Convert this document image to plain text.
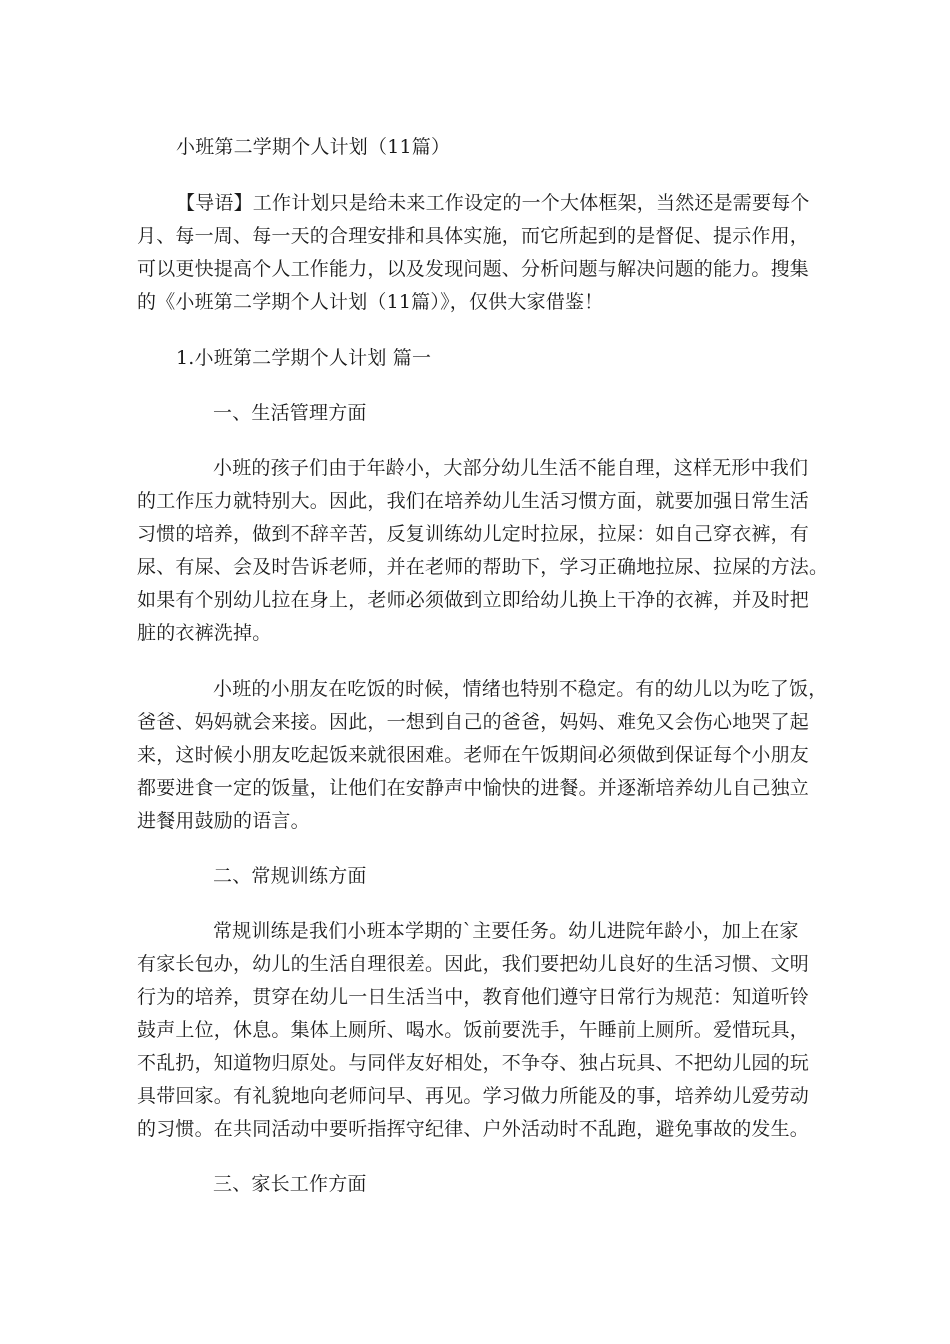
小班第二学期个人计划（11篇）
【导语】工作计划只是给未来工作设定的一个大体框架，当然还是需要每个
月、每一周、每一天的合理安排和具体实施，而它所起到的是督促、提示作用，
可以更快提高个人工作能力，以及发现问题、分析问题与解决问题的能力。搜集
的《小班第二学期个人计划（11篇）》，仅供大家借鉴！
1.小班第二学期个人计划 篇一
一、生活管理方面
小班的孩子们由于年龄小，大部分幼儿生活不能自理，这样无形中我们
的工作压力就特别大。因此，我们在培养幼儿生活习惯方面，就要加强日常生活
习惯的培养，做到不辞辛苦，反复训练幼儿定时拉尿，拉屎：如自己穿衣裤，有
尿、有屎、会及时告诉老师，并在老师的帮助下，学习正确地拉尿、拉屎的方法。
如果有个别幼儿拉在身上，老师必须做到立即给幼儿换上干净的衣裤，并及时把
脏的衣裤洗掉。
小班的小朋友在吃饭的时候，情绪也特别不稳定。有的幼儿以为吃了饭，
爸爸、妈妈就会来接。因此，一想到自己的爸爸，妈妈、难免又会伤心地哭了起
来，这时候小朋友吃起饭来就很困难。老师在午饭期间必须做到保证每个小朋友
都要进食一定的饭量，让他们在安静声中愉快的进餐。并逐渐培养幼儿自己独立
进餐用鼓励的语言。
二、常规训练方面
常规训练是我们小班本学期的`主要任务。幼儿进院年龄小，加上在家
有家长包办，幼儿的生活自理很差。因此，我们要把幼儿良好的生活习惯、文明
行为的培养，贯穿在幼儿一日生活当中，教育他们遵守日常行为规范：知道听铃
鼓声上位，休息。集体上厕所、喝水。饭前要洗手，午睡前上厕所。爱惜玩具，
不乱扔，知道物归原处。与同伴友好相处，不争夺、独占玩具、不把幼儿园的玩
具带回家。有礼貌地向老师问早、再见。学习做力所能及的事，培养幼儿爱劳动
的习惯。在共同活动中要听指挥守纪律、户外活动时不乱跑，避免事故的发生。
三、家长工作方面
